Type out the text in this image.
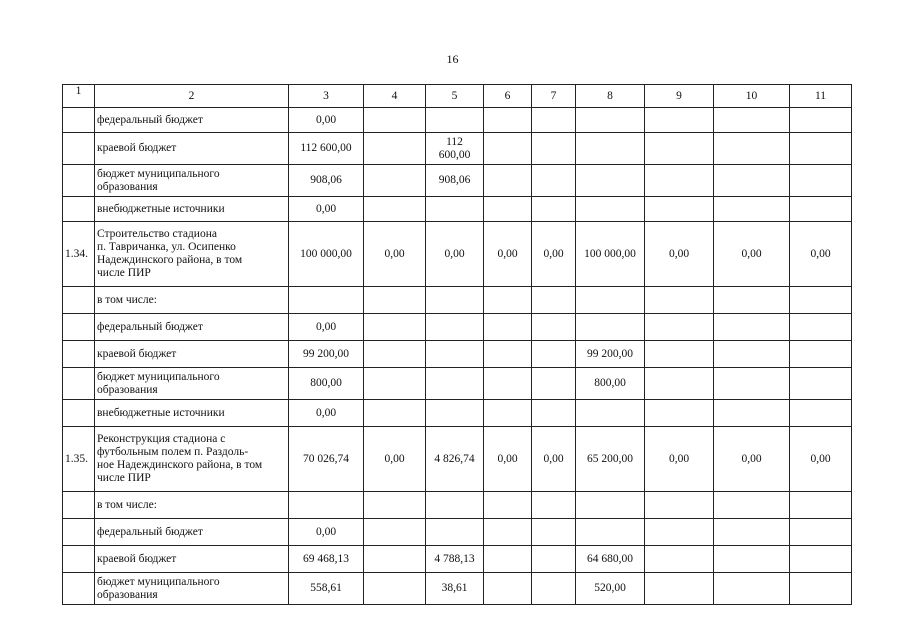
16
1	2	3	4	5	6	7	8	9	10	11
	федеральный бюджет	0,00								
	краевой бюджет	112 600,00		112
600,00						
	бюджет муниципального
образования	908,06		908,06						
	внебюджетные источники	0,00								
1.34.	Строительство стадиона
п. Тавричанка, ул. Осипенко
Надеждинского района, в том
числе ПИР	100 000,00	0,00	0,00	0,00	0,00	100 000,00	0,00	0,00	0,00
	в том числе:									
	федеральный бюджет	0,00								
	краевой бюджет	99 200,00					99 200,00			
	бюджет муниципального
образования	800,00					800,00			
	внебюджетные источники	0,00								
1.35.	Реконструкция стадиона с
футбольным полем п. Раздоль-
ное Надеждинского района, в том
числе ПИР	70 026,74	0,00	4 826,74	0,00	0,00	65 200,00	0,00	0,00	0,00
	в том числе:									
	федеральный бюджет	0,00								
	краевой бюджет	69 468,13		4 788,13			64 680,00			
	бюджет муниципального
образования	558,61		38,61			520,00			
